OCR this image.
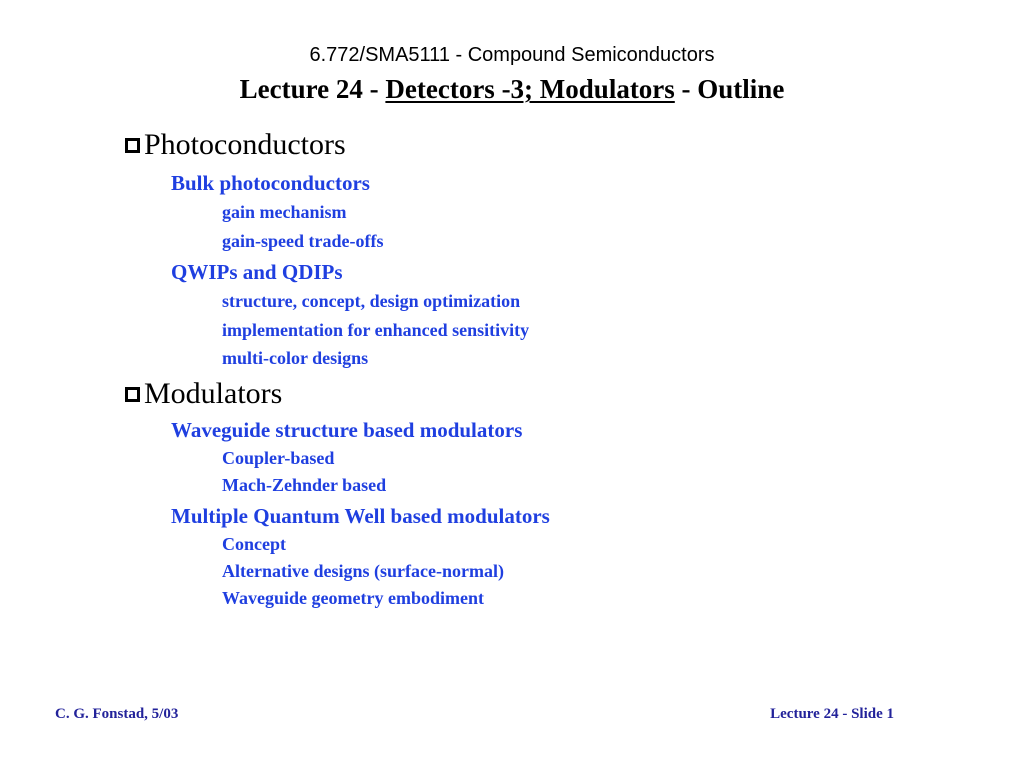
6.772/SMA5111 - Compound Semiconductors
Lecture 24 - Detectors -3; Modulators - Outline
Photoconductors
Bulk photoconductors
gain mechanism
gain-speed trade-offs
QWIPs and QDIPs
structure, concept, design optimization
implementation for enhanced sensitivity
multi-color designs
Modulators
Waveguide structure based modulators
Coupler-based
Mach-Zehnder based
Multiple Quantum Well based modulators
Concept
Alternative designs (surface-normal)
Waveguide geometry embodiment
C. G. Fonstad, 5/03	Lecture 24 - Slide 1
